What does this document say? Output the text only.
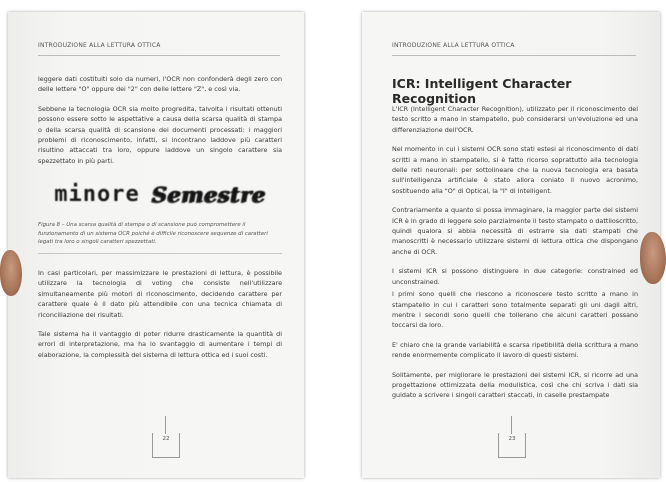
INTRODUZIONE ALLA LETTURA OTTICA

leggere dati costituiti solo da numeri, l'OCR non confonderà degli zero con delle lettere "O" oppure dei "2" con delle lettere "Z", e così via.

Sebbene la tecnologia OCR sia molto progredita, talvolta i risultati ottenuti possono essere sotto le aspettative a causa della scarsa qualità di stampa o della scarsa qualità di scansione dei documenti processati: i maggiori problemi di riconoscimento, infatti, si incontrano laddove più caratteri risultino attaccati tra loro, oppure laddove un singolo carattere sia spezzettato in più parti.

minore Semestre
Figura 8 – Una scarsa qualità di stampa o di scansione può compromettere il funzionamento di un sistema OCR poiché è difficile riconoscere sequenze di caratteri legati tra loro o singoli caratteri spezzettati.

In casi particolari, per massimizzare le prestazioni di lettura, è possibile utilizzare la tecnologia di voting che consiste nell'utilizzare simultaneamente più motori di riconoscimento, decidendo carattere per carattere quale è il dato più attendibile con una tecnica chiamata di riconciliazione dei risultati.

Tale sistema ha il vantaggio di poter ridurre drasticamente la quantità di errori di interpretazione, ma ha lo svantaggio di aumentare i tempi di elaborazione, la complessità del sistema di lettura ottica ed i suoi costi.

22
INTRODUZIONE ALLA LETTURA OTTICA
ICR: Intelligent Character Recognition

L'ICR (Intelligent Character Recognition), utilizzato per il riconoscimento del testo scritto a mano in stampatello, può considerarsi un'evoluzione ed una differenziazione dell'OCR.

Nel momento in cui i sistemi OCR sono stati estesi al riconoscimento di dati scritti a mano in stampatello, si è fatto ricorso soprattutto alla tecnologia delle reti neuronali: per sottolineare che la nuova tecnologia era basata sull'intelligenza artificiale è stato allora coniato il nuovo acronimo, sostituendo alla "O" di Optical, la "I" di Intelligent.

Contrariamente a quanto si possa immaginare, la maggior parte dei sistemi ICR è in grado di leggere solo parzialmente il testo stampato o dattiloscritto, quindi qualora si abbia necessità di estrarre sia dati stampati che manoscritti è necessario utilizzare sistemi di lettura ottica che dispongano anche di OCR.

I sistemi ICR si possono distinguere in due categorie: constrained ed unconstrained.

I primi sono quelli che riescono a riconoscere testo scritto a mano in stampatello in cui i caratteri sono totalmente separati gli uni dagli altri, mentre i secondi sono quelli che tollerano che alcuni caratteri possano toccarsi da loro.

E' chiaro che la grande variabilità e scarsa ripetibilità della scrittura a mano rende enormemente complicato il lavoro di questi sistemi.

Solitamente, per migliorare le prestazioni dei sistemi ICR, si ricorre ad una progettazione ottimizzata della modulistica, così che chi scriva i dati sia guidato a scrivere i singoli caratteri staccati, in caselle prestampate

23
